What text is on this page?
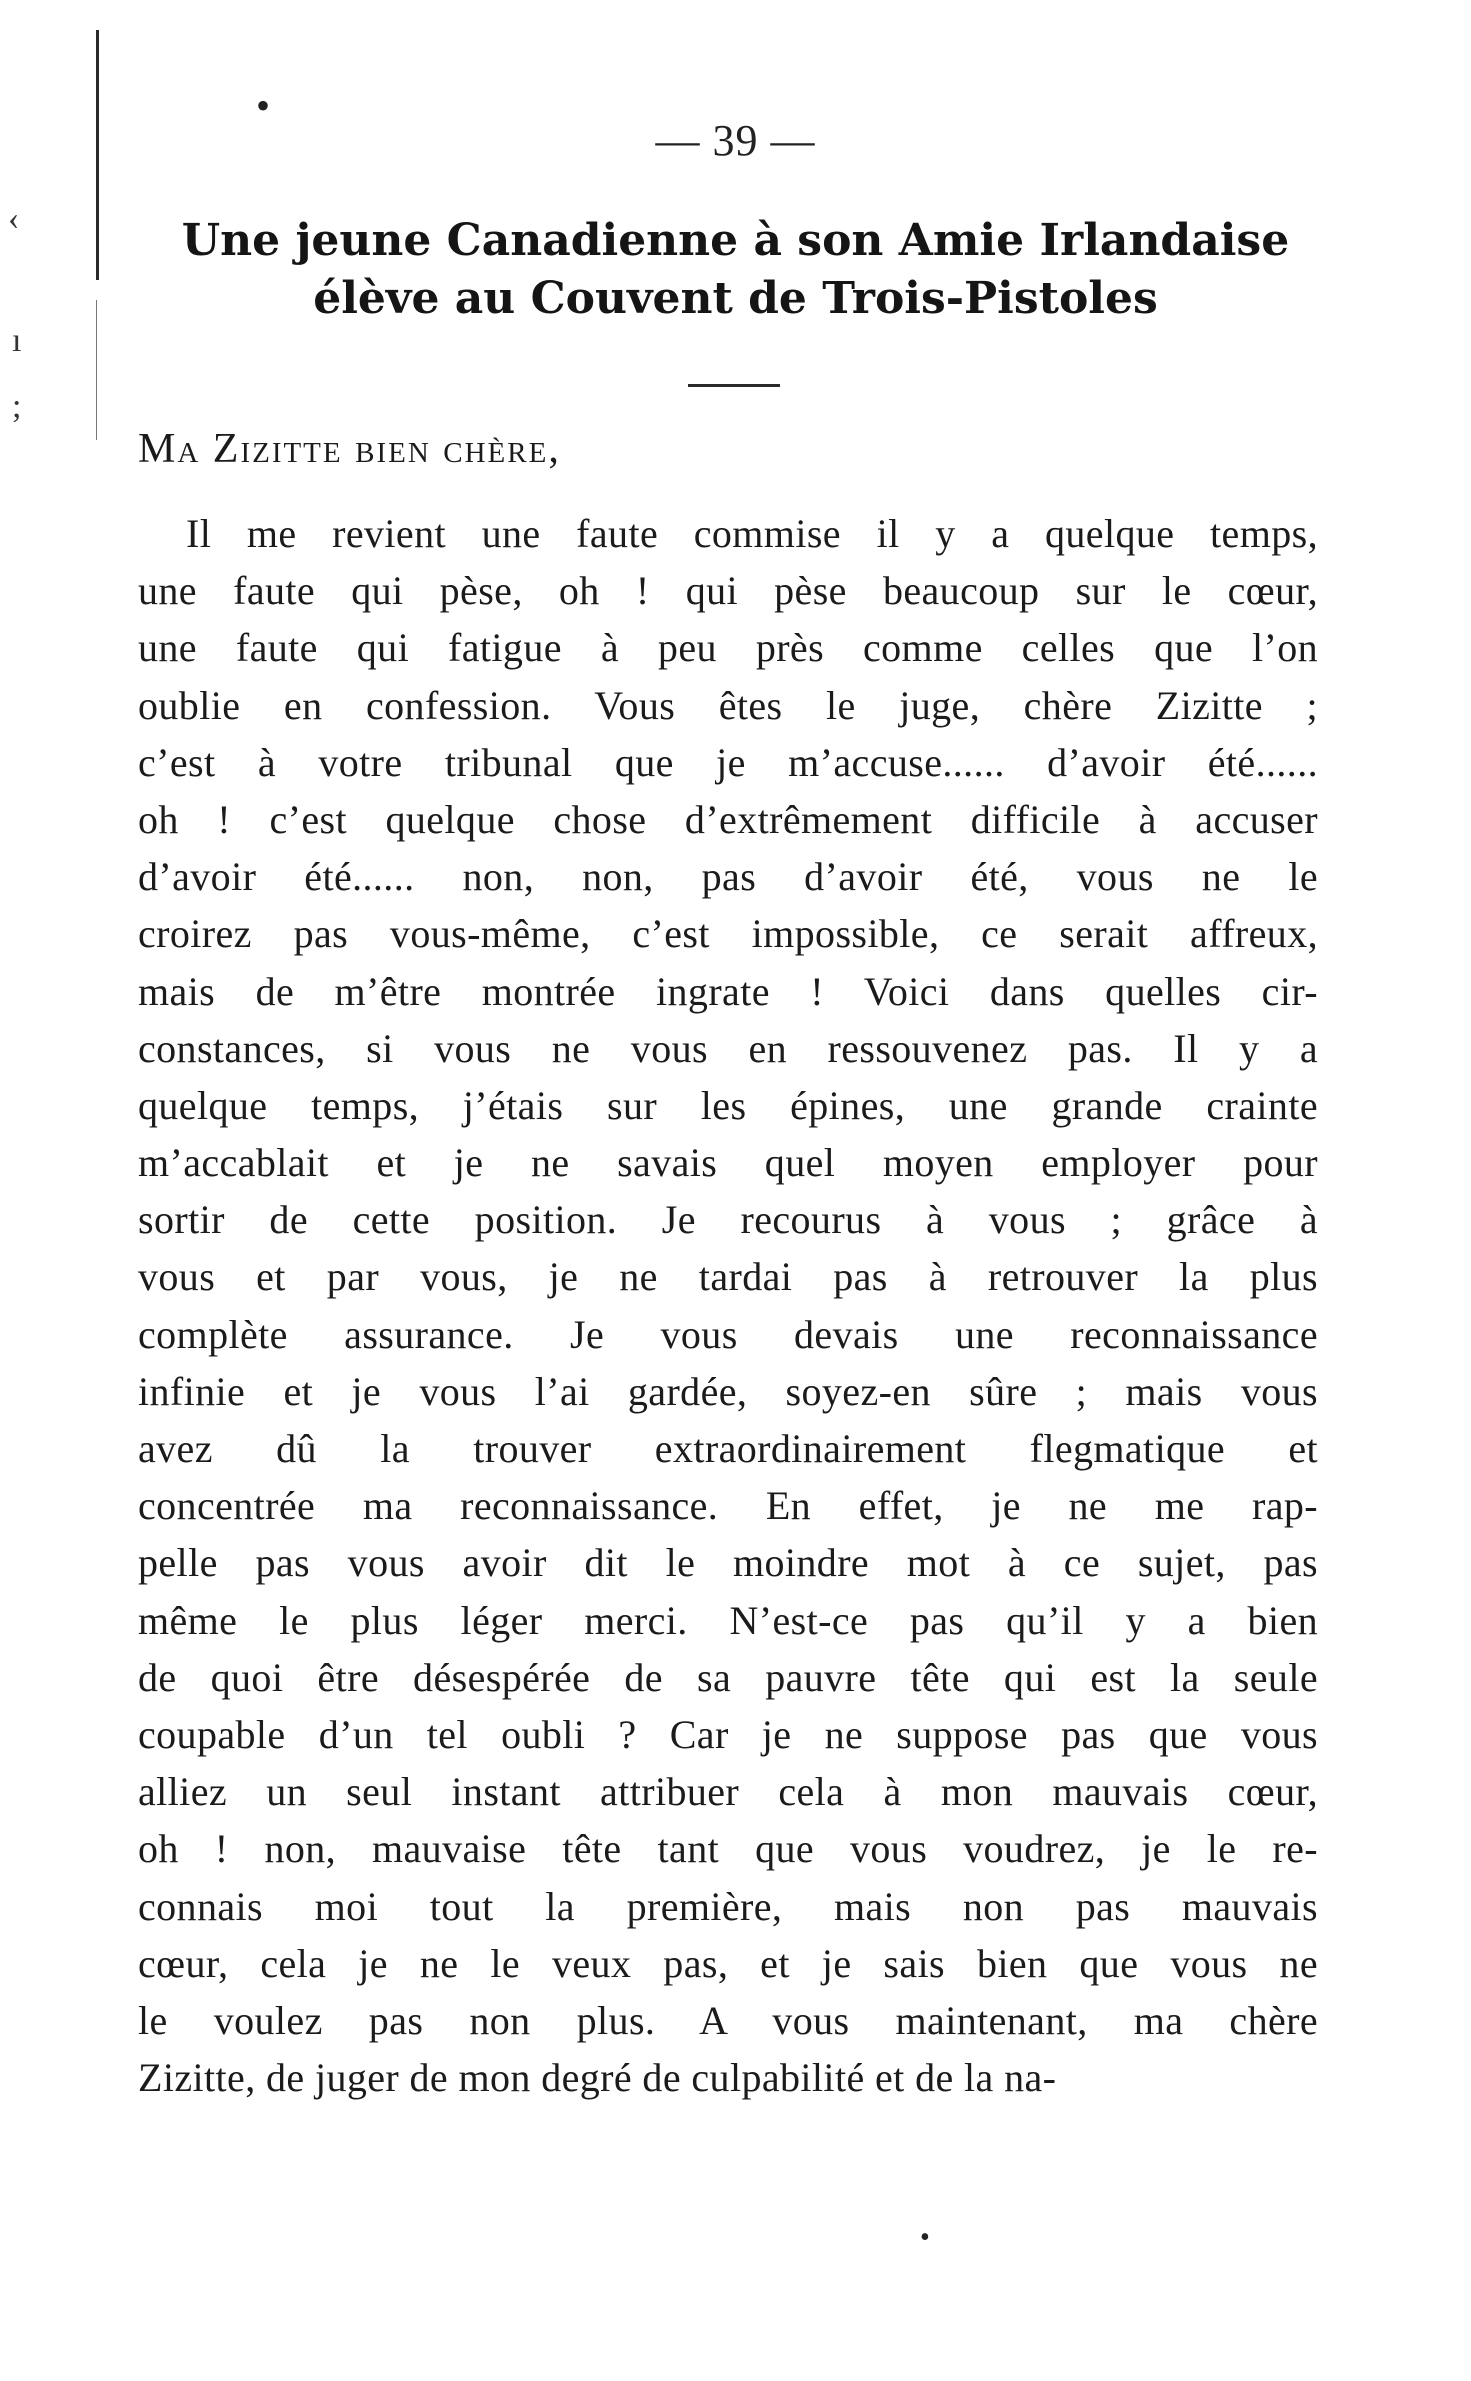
‹
ı
;
•
•
— 39 —
Une jeune Canadienne à son Amie Irlandaise
élève au Couvent de Trois-Pistoles
Ma Zizitte bien chère,
Il me revient une faute commise il y a quelque temps,
une faute qui pèse, oh ! qui pèse beaucoup sur le cœur,
une faute qui fatigue à peu près comme celles que l’on
oublie en confession. Vous êtes le juge, chère Zizitte ;
c’est à votre tribunal que je m’accuse...... d’avoir été......
oh ! c’est quelque chose d’extrêmement difficile à accuser
d’avoir été...... non, non, pas d’avoir été, vous ne le
croirez pas vous-même, c’est impossible, ce serait affreux,
mais de m’être montrée ingrate ! Voici dans quelles cir-
constances, si vous ne vous en ressouvenez pas. Il y a
quelque temps, j’étais sur les épines, une grande crainte
m’accablait et je ne savais quel moyen employer pour
sortir de cette position. Je recourus à vous ; grâce à
vous et par vous, je ne tardai pas à retrouver la plus
complète assurance. Je vous devais une reconnaissance
infinie et je vous l’ai gardée, soyez-en sûre ; mais vous
avez dû la trouver extraordinairement flegmatique et
concentrée ma reconnaissance. En effet, je ne me rap-
pelle pas vous avoir dit le moindre mot à ce sujet, pas
même le plus léger merci. N’est-ce pas qu’il y a bien
de quoi être désespérée de sa pauvre tête qui est la seule
coupable d’un tel oubli ? Car je ne suppose pas que vous
alliez un seul instant attribuer cela à mon mauvais cœur,
oh ! non, mauvaise tête tant que vous voudrez, je le re-
connais moi tout la première, mais non pas mauvais
cœur, cela je ne le veux pas, et je sais bien que vous ne
le voulez pas non plus. A vous maintenant, ma chère
Zizitte, de juger de mon degré de culpabilité et de la na-
